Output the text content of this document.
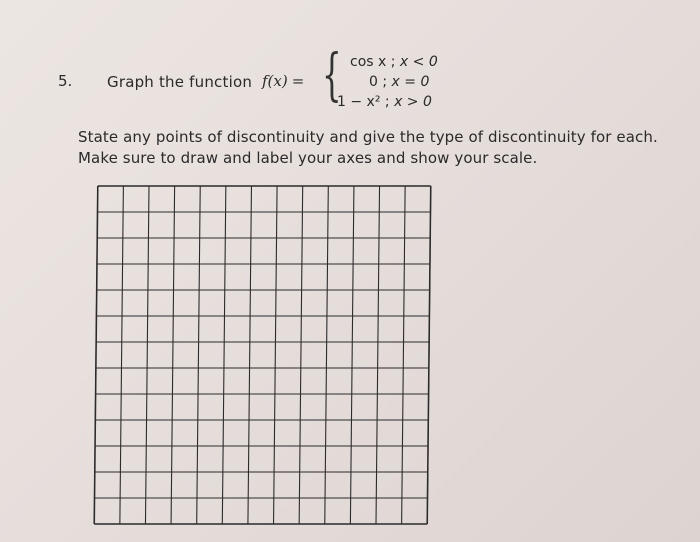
5. Graph the function f(x) = { cos x ; x < 0
0 ; x = 0
1 − x² ; x > 0
State any points of discontinuity and give the type of discontinuity for each. Make sure to draw and label your axes and show your scale.
